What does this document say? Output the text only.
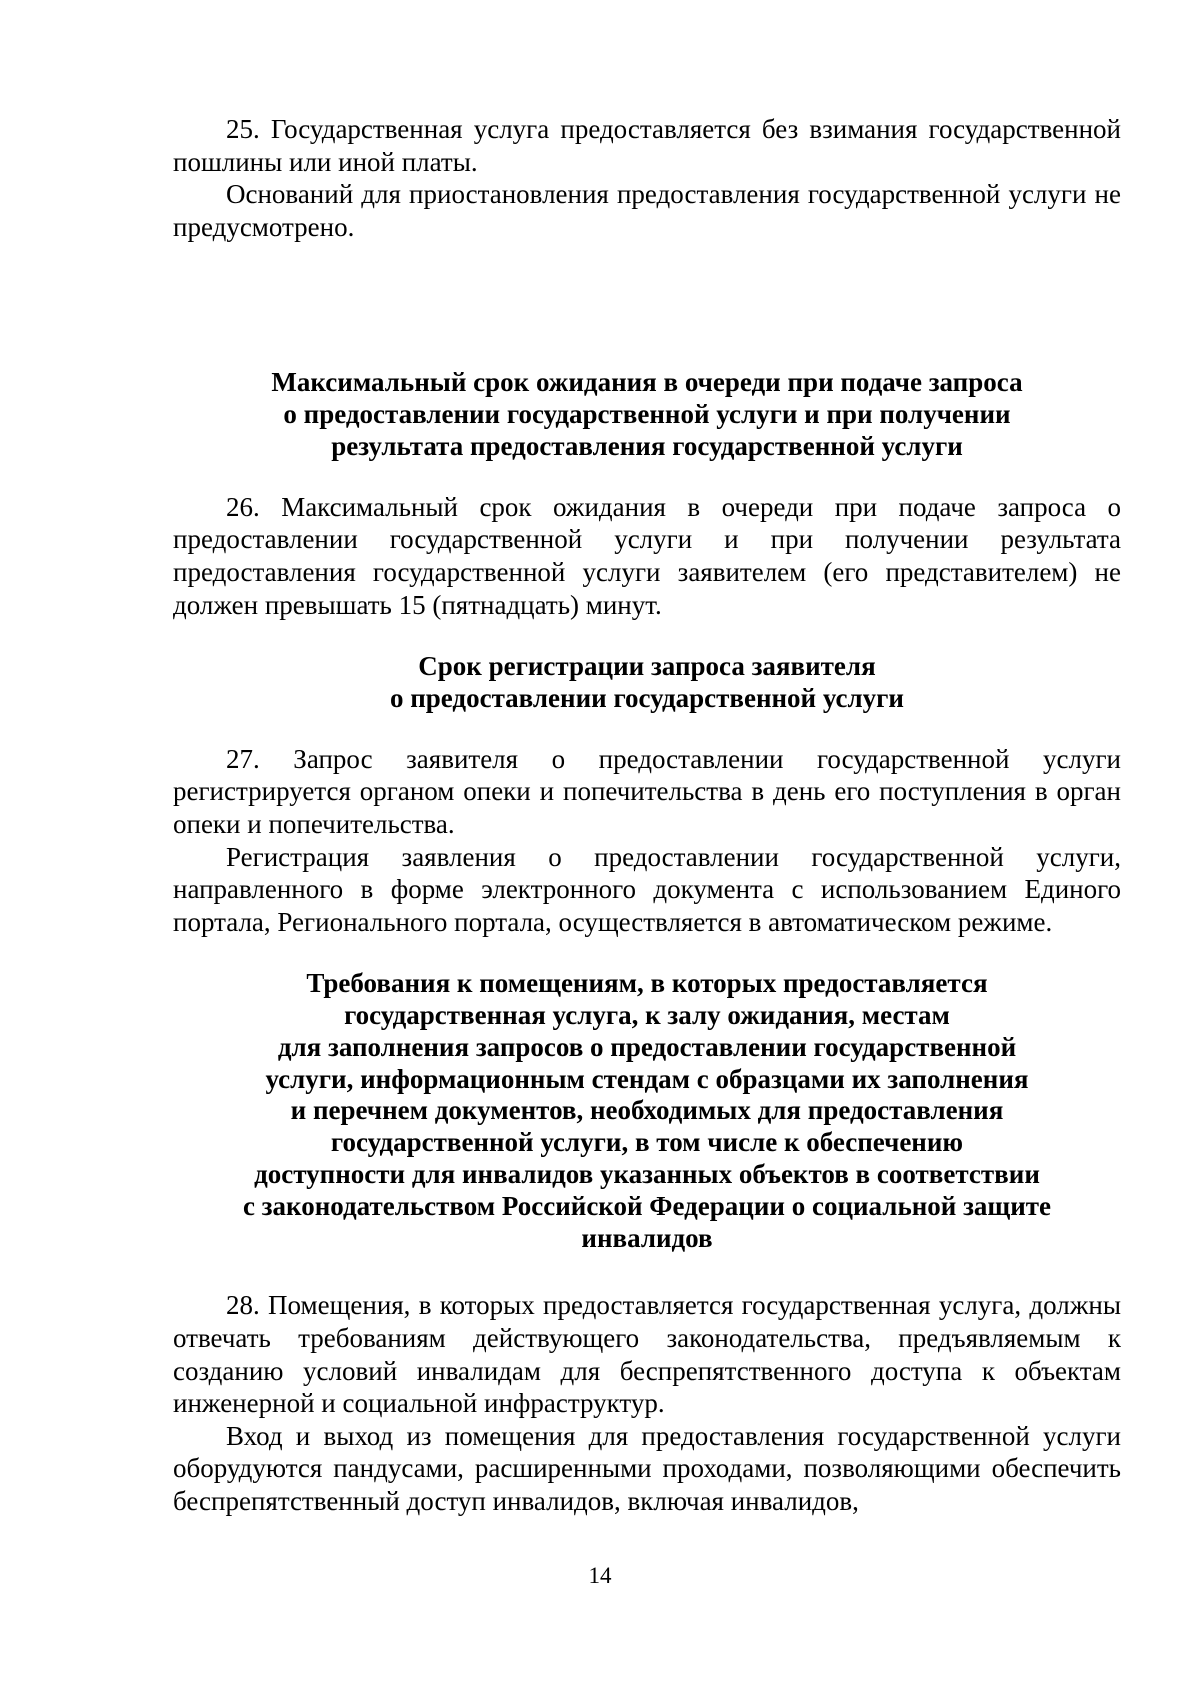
25. Государственная услуга предоставляется без взимания государственной пошлины или иной платы.

Оснований для приостановления предоставления государственной услуги не предусмотрено.

Максимальный срок ожидания в очереди при подаче запроса
о предоставлении государственной услуги и при получении
результата предоставления государственной услуги

26. Максимальный срок ожидания в очереди при подаче запроса о предоставлении государственной услуги и при получении результата предоставления государственной услуги заявителем (его представителем) не должен превышать 15 (пятнадцать) минут.

Срок регистрации запроса заявителя
о предоставлении государственной услуги

27. Запрос заявителя о предоставлении государственной услуги регистрируется органом опеки и попечительства в день его поступления в орган опеки и попечительства.

Регистрация заявления о предоставлении государственной услуги, направленного в форме электронного документа с использованием Единого портала, Регионального портала, осуществляется в автоматическом режиме.

Требования к помещениям, в которых предоставляется
государственная услуга, к залу ожидания, местам
для заполнения запросов о предоставлении государственной
услуги, информационным стендам с образцами их заполнения
и перечнем документов, необходимых для предоставления
государственной услуги, в том числе к обеспечению
доступности для инвалидов указанных объектов в соответствии
с законодательством Российской Федерации о социальной защите
инвалидов

28. Помещения, в которых предоставляется государственная услуга, должны отвечать требованиям действующего законодательства, предъявляемым к созданию условий инвалидам для беспрепятственного доступа к объектам инженерной и социальной инфраструктур.

Вход и выход из помещения для предоставления государственной услуги оборудуются пандусами, расширенными проходами, позволяющими обеспечить беспрепятственный доступ инвалидов, включая инвалидов,

14
